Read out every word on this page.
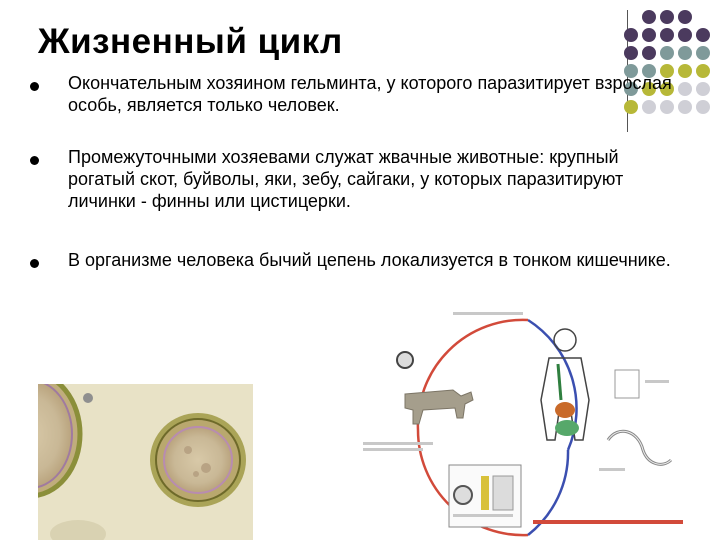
Жизненный цикл
Окончательным хозяином гельминта, у которого паразитирует взрослая особь, является только человек.
Промежуточными хозяевами служат жвачные животные: крупный рогатый скот, буйволы, яки, зебу, сайгаки, у которых паразитируют личинки - финны или цистицерки.
В организме человека бычий цепень локализуется в тонком кишечнике.
